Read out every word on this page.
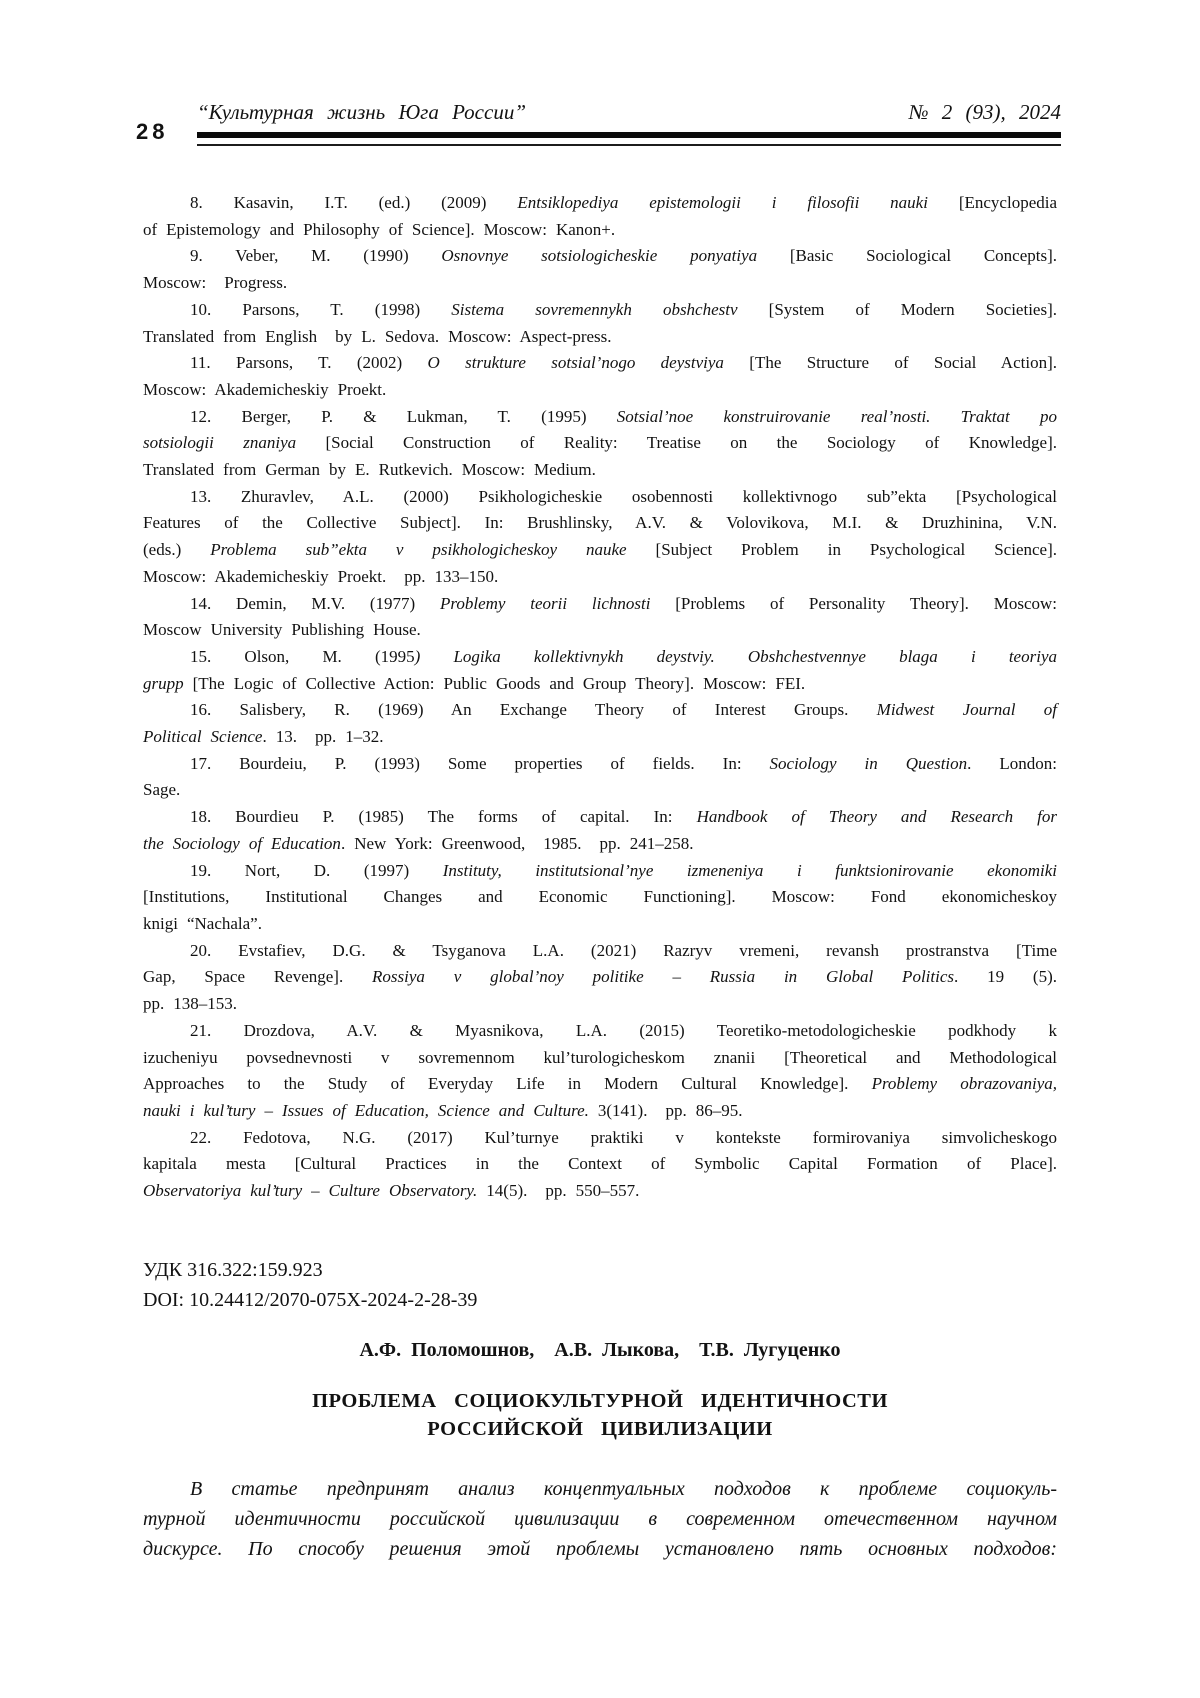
28
“Культурная жизнь Юга России”	№ 2 (93), 2024
8. Kasavin, I.T. (ed.) (2009) Entsiklopediya epistemologii i filosofii nauki [Encyclopedia
of Epistemology and Philosophy of Science]. Moscow: Kanon+.
9. Veber, M. (1990) Osnovnye sotsiologicheskie ponyatiya [Basic Sociological Concepts].
Moscow:  Progress.
10. Parsons, T. (1998) Sistema sovremennykh obshchestv [System of Modern Societies].
Translated from English  by L. Sedova. Moscow: Aspect-press.
11. Parsons, T. (2002) O strukture sotsial’nogo deystviya [The Structure of Social Action].
Moscow: Akademicheskiy Proekt.
12. Berger, P. & Lukman, T. (1995) Sotsial’noe konstruirovanie real’nosti. Traktat po
sotsiologii znaniya [Social Construction of Reality: Treatise on the Sociology of Knowledge].
Translated from German by E. Rutkevich. Moscow: Medium.
13. Zhuravlev, A.L. (2000) Psikhologicheskie osobennosti kollektivnogo sub”ekta [Psychological
Features of the Collective Subject]. In: Brushlinsky, A.V. & Volovikova, M.I. & Druzhinina, V.N.
(eds.) Problema sub”ekta v psikhologicheskoy nauke [Subject Problem in Psychological Science].
Moscow: Akademicheskiy Proekt.  pp. 133–150.
14. Demin, M.V. (1977) Problemy teorii lichnosti [Problems of Personality Theory]. Moscow:
Moscow University Publishing House.
15. Olson, M. (1995) Logika kollektivnykh deystviy. Obshchestvennye blaga i teoriya
grupp [The Logic of Collective Action: Public Goods and Group Theory]. Moscow: FEI.
16. Salisbery, R. (1969) An Exchange Theory of Interest Groups. Midwest Journal of
Political Science. 13.  pp. 1–32.
17. Bourdeiu, P. (1993) Some properties of fields. In: Sociology in Question. London:
Sage.
18. Bourdieu P. (1985) The forms of capital. In: Handbook of Theory and Research for
the Sociology of Education. New York: Greenwood,  1985.  pp. 241–258.
19. Nort, D. (1997) Instituty, institutsional’nye izmeneniya i funktsionirovanie ekonomiki
[Institutions, Institutional Changes and Economic Functioning]. Moscow: Fond ekonomicheskoy
knigi “Nachala”.
20. Evstafiev, D.G. & Tsyganova L.A. (2021) Razryv vremeni, revansh prostranstva [Time
Gap, Space Revenge]. Rossiya v global’noy politike – Russia in Global Politics. 19 (5).
pp. 138–153.
21. Drozdova, A.V. & Myasnikova, L.A. (2015) Teoretiko-metodologicheskie podkhody k
izucheniyu povsednevnosti v sovremennom kul’turologicheskom znanii [Theoretical and Methodological
Approaches to the Study of Everyday Life in Modern Cultural Knowledge]. Problemy obrazovaniya,
nauki i kul’tury – Issues of Education, Science and Culture. 3(141).  pp. 86–95.
22. Fedotova, N.G. (2017) Kul’turnye praktiki v kontekste formirovaniya simvolicheskogo
kapitala mesta [Cultural Practices in the Context of Symbolic Capital Formation of Place].
Observatoriya kul’tury – Culture Observatory. 14(5).  pp. 550–557.
УДК 316.322:159.923
DOI: 10.24412/2070-075X-2024-2-28-39
А.Ф. Поломошнов,  А.В. Лыкова,  Т.В. Лугуценко
ПРОБЛЕМА СОЦИОКУЛЬТУРНОЙ ИДЕНТИЧНОСТИ
РОССИЙСКОЙ ЦИВИЛИЗАЦИИ
В статье предпринят анализ концептуальных подходов к проблеме социокуль-
турной идентичности российской цивилизации в современном отечественном научном
дискурсе. По способу решения этой проблемы установлено пять основных подходов:
